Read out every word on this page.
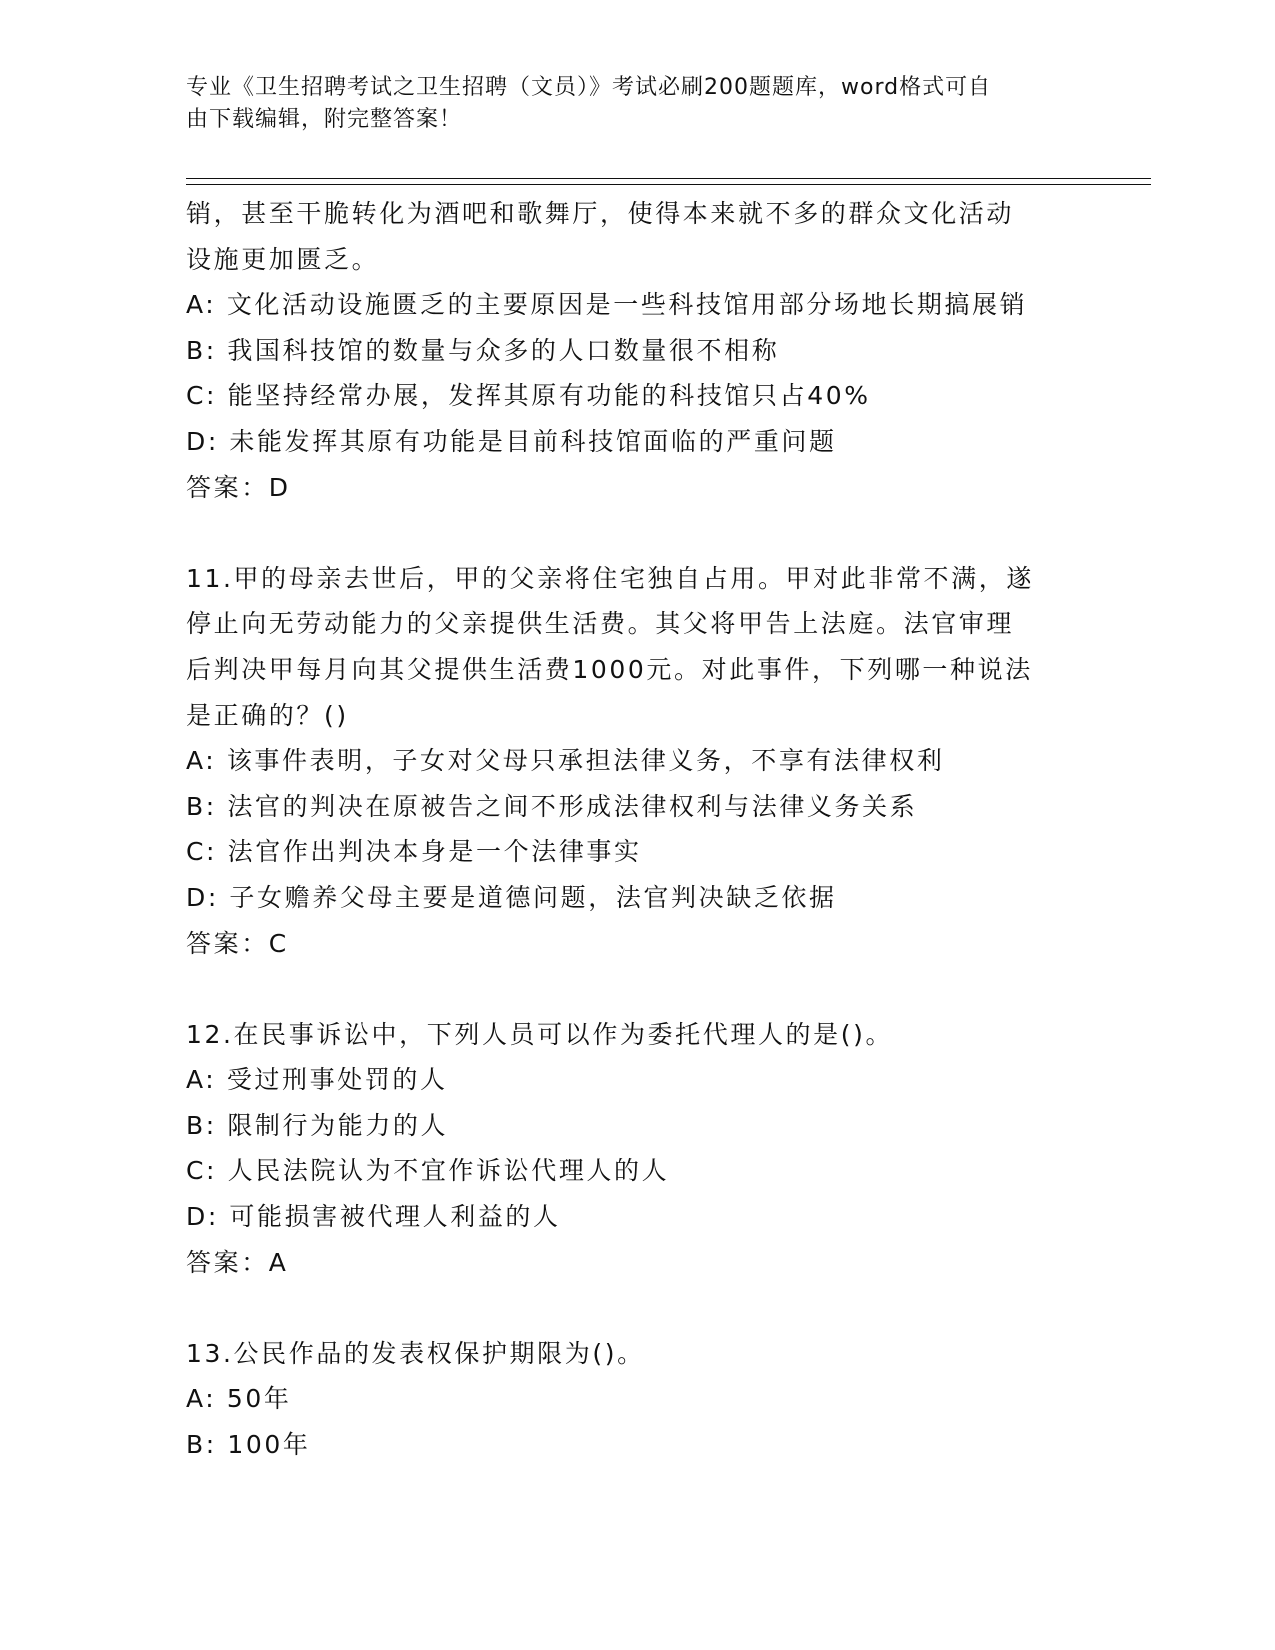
专业《卫生招聘考试之卫生招聘（文员）》考试必刷200题题库，word格式可自
由下载编辑，附完整答案！
销，甚至干脆转化为酒吧和歌舞厅，使得本来就不多的群众文化活动
设施更加匮乏。
A: 文化活动设施匮乏的主要原因是一些科技馆用部分场地长期搞展销
B: 我国科技馆的数量与众多的人口数量很不相称
C: 能坚持经常办展，发挥其原有功能的科技馆只占40%
D: 未能发挥其原有功能是目前科技馆面临的严重问题
答案：D
11.甲的母亲去世后，甲的父亲将住宅独自占用。甲对此非常不满，遂
停止向无劳动能力的父亲提供生活费。其父将甲告上法庭。法官审理
后判决甲每月向其父提供生活费1000元。对此事件，下列哪一种说法
是正确的？()
A: 该事件表明，子女对父母只承担法律义务，不享有法律权利
B: 法官的判决在原被告之间不形成法律权利与法律义务关系
C: 法官作出判决本身是一个法律事实
D: 子女赡养父母主要是道德问题，法官判决缺乏依据
答案：C
12.在民事诉讼中，下列人员可以作为委托代理人的是()。
A: 受过刑事处罚的人
B: 限制行为能力的人
C: 人民法院认为不宜作诉讼代理人的人
D: 可能损害被代理人利益的人
答案：A
13.公民作品的发表权保护期限为()。
A: 50年
B: 100年
